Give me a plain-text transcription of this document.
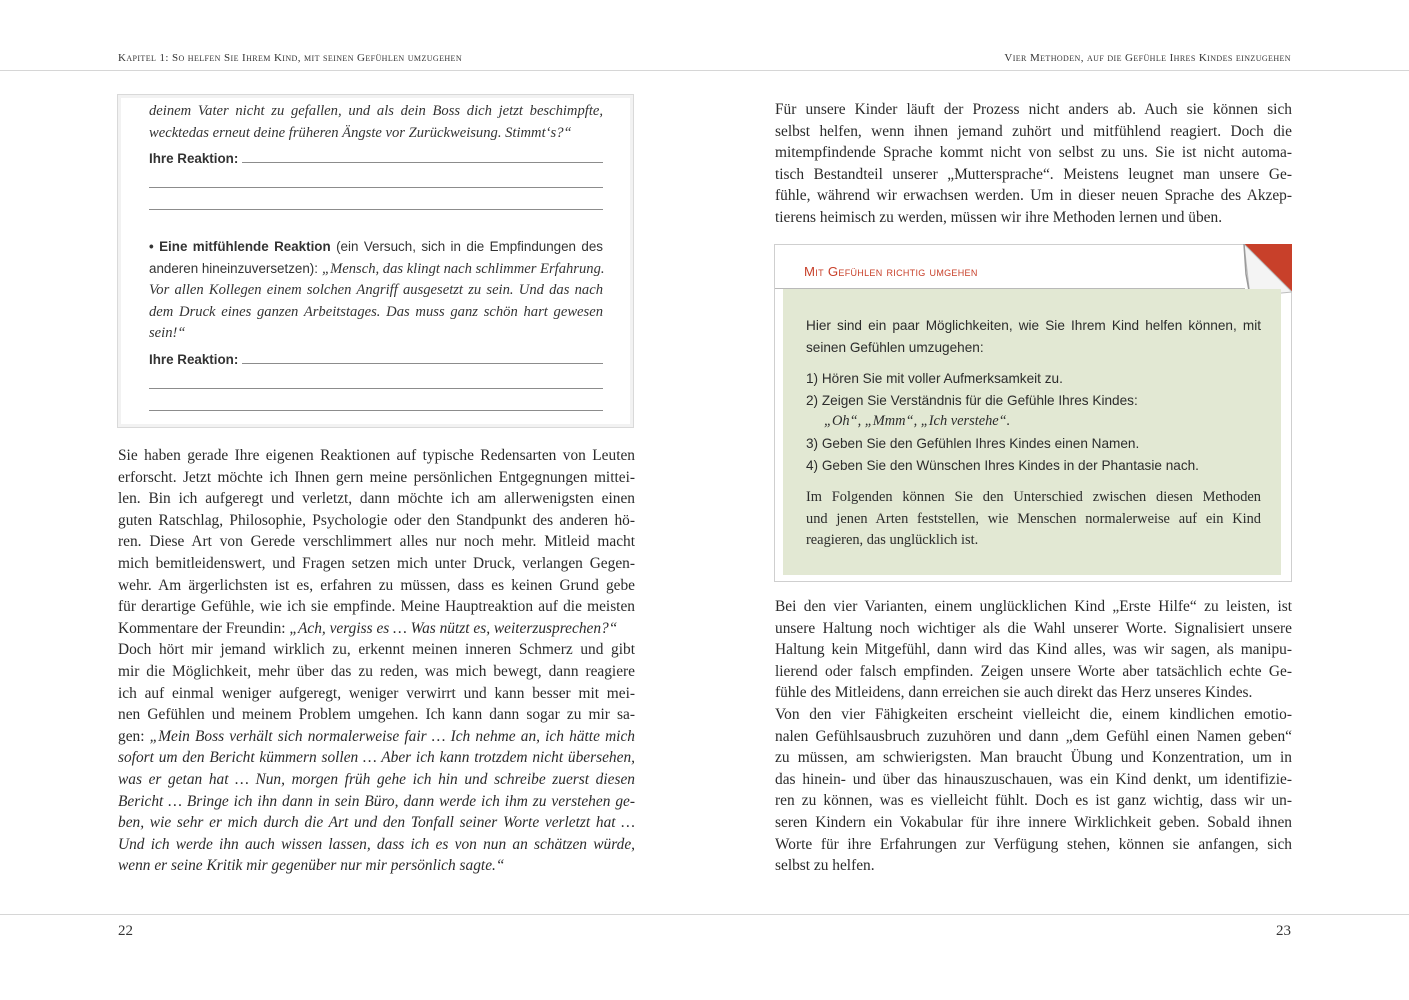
Kapitel 1: So helfen Sie Ihrem Kind, mit seinen Gefühlen umzugehen	Vier Methoden, auf die Gefühle Ihres Kindes einzugehen
deinem Vater nicht zu gefallen, und als dein Boss dich jetzt beschimpfte,
wecktedas erneut deine früheren Ängste vor Zurückweisung. Stimmt‘s?“
Ihre Reaktion:
• Eine mitfühlende Reaktion (ein Versuch, sich in die Empfindungen des
anderen hineinzuversetzen): „Mensch, das klingt nach schlimmer Erfahrung.
Vor allen Kollegen einem solchen Angriff ausgesetzt zu sein. Und das nach
dem Druck eines ganzen Arbeitstages. Das muss ganz schön hart gewesen
sein!“
Ihre Reaktion:
Sie haben gerade Ihre eigenen Reaktionen auf typische Redensarten von Leuten
erforscht. Jetzt möchte ich Ihnen gern meine persönlichen Entgegnungen mittei-
len. Bin ich aufgeregt und verletzt, dann möchte ich am allerwenigsten einen
guten Ratschlag, Philosophie, Psychologie oder den Standpunkt des anderen hö-
ren. Diese Art von Gerede verschlimmert alles nur noch mehr. Mitleid macht
mich bemitleidenswert, und Fragen setzen mich unter Druck, verlangen Gegen-
wehr. Am ärgerlichsten ist es, erfahren zu müssen, dass es keinen Grund gebe
für derartige Gefühle, wie ich sie empfinde. Meine Hauptreaktion auf die meisten
Kommentare der Freundin: „Ach, vergiss es … Was nützt es, weiterzusprechen?“
Doch hört mir jemand wirklich zu, erkennt meinen inneren Schmerz und gibt
mir die Möglichkeit, mehr über das zu reden, was mich bewegt, dann reagiere
ich auf einmal weniger aufgeregt, weniger verwirrt und kann besser mit mei-
nen Gefühlen und meinem Problem umgehen. Ich kann dann sogar zu mir sa-
gen: „Mein Boss verhält sich normalerweise fair … Ich nehme an, ich hätte mich
sofort um den Bericht kümmern sollen … Aber ich kann trotzdem nicht übersehen,
was er getan hat … Nun, morgen früh gehe ich hin und schreibe zuerst diesen
Bericht … Bringe ich ihn dann in sein Büro, dann werde ich ihm zu verstehen ge-
ben, wie sehr er mich durch die Art und den Tonfall seiner Worte verletzt hat …
Und ich werde ihn auch wissen lassen, dass ich es von nun an schätzen würde,
wenn er seine Kritik mir gegenüber nur mir persönlich sagte.“
Für unsere Kinder läuft der Prozess nicht anders ab. Auch sie können sich
selbst helfen, wenn ihnen jemand zuhört und mitfühlend reagiert. Doch die
mitempfindende Sprache kommt nicht von selbst zu uns. Sie ist nicht automa-
tisch Bestandteil unserer „Muttersprache“. Meistens leugnet man unsere Ge-
fühle, während wir erwachsen werden. Um in dieser neuen Sprache des Akzep-
tierens heimisch zu werden, müssen wir ihre Methoden lernen und üben.
Mit Gefühlen richtig umgehen
Hier sind ein paar Möglichkeiten, wie Sie Ihrem Kind helfen können, mit
seinen Gefühlen umzugehen:
1) Hören Sie mit voller Aufmerksamkeit zu.
2) Zeigen Sie Verständnis für die Gefühle Ihres Kindes:
„Oh“, „Mmm“, „Ich verstehe“.
3) Geben Sie den Gefühlen Ihres Kindes einen Namen.
4) Geben Sie den Wünschen Ihres Kindes in der Phantasie nach.
Im Folgenden können Sie den Unterschied zwischen diesen Methoden
und jenen Arten feststellen, wie Menschen normalerweise auf ein Kind
reagieren, das unglücklich ist.
Bei den vier Varianten, einem unglücklichen Kind „Erste Hilfe“ zu leisten, ist
unsere Haltung noch wichtiger als die Wahl unserer Worte. Signalisiert unsere
Haltung kein Mitgefühl, dann wird das Kind alles, was wir sagen, als manipu-
lierend oder falsch empfinden. Zeigen unsere Worte aber tatsächlich echte Ge-
fühle des Mitleidens, dann erreichen sie auch direkt das Herz unseres Kindes.
Von den vier Fähigkeiten erscheint vielleicht die, einem kindlichen emotio-
nalen Gefühlsausbruch zuzuhören und dann „dem Gefühl einen Namen geben“
zu müssen, am schwierigsten. Man braucht Übung und Konzentration, um in
das hinein- und über das hinauszuschauen, was ein Kind denkt, um identifizie-
ren zu können, was es vielleicht fühlt. Doch es ist ganz wichtig, dass wir un-
seren Kindern ein Vokabular für ihre innere Wirklichkeit geben. Sobald ihnen
Worte für ihre Erfahrungen zur Verfügung stehen, können sie anfangen, sich
selbst zu helfen.
22	23
